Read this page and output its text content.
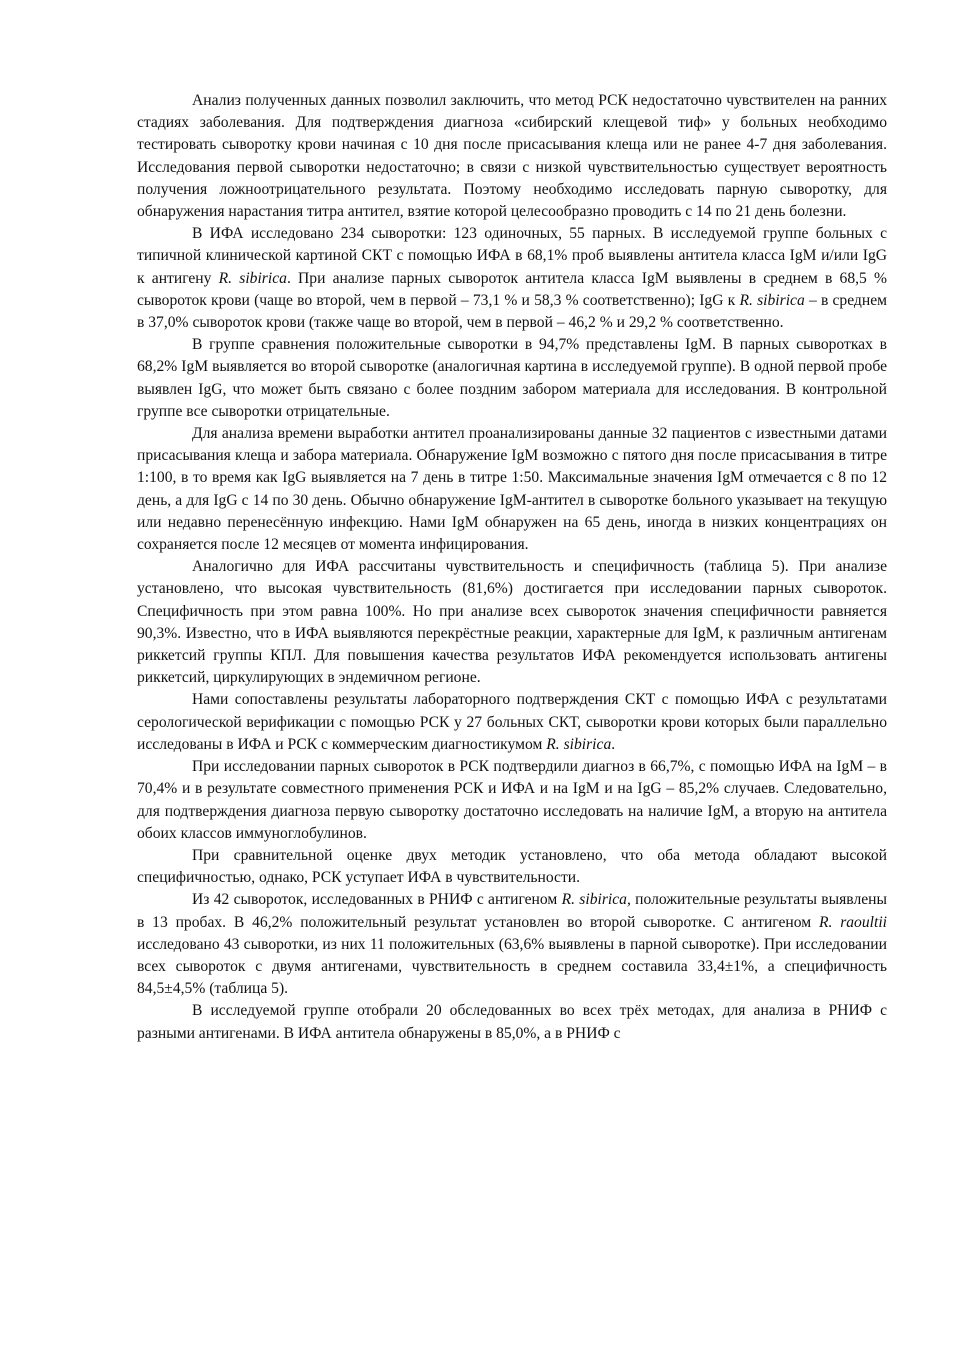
Анализ полученных данных позволил заключить, что метод РСК недостаточно чувствителен на ранних стадиях заболевания. Для подтверждения диагноза «сибирский клещевой тиф» у больных необходимо тестировать сыворотку крови начиная с 10 дня после присасывания клеща или не ранее 4-7 дня заболевания. Исследования первой сыворотки недостаточно; в связи с низкой чувствительностью существует вероятность получения ложноотрицательного результата. Поэтому необходимо исследовать парную сыворотку, для обнаружения нарастания титра антител, взятие которой целесообразно проводить с 14 по 21 день болезни.

В ИФА исследовано 234 сыворотки: 123 одиночных, 55 парных. В исследуемой группе больных с типичной клинической картиной СКТ с помощью ИФА в 68,1% проб выявлены антитела класса IgM и/или IgG к антигену R. sibirica. При анализе парных сывороток антитела класса IgM выявлены в среднем в 68,5 % сывороток крови (чаще во второй, чем в первой – 73,1 % и 58,3 % соответственно); IgG к R. sibirica – в среднем в 37,0% сывороток крови (также чаще во второй, чем в первой – 46,2 % и 29,2 % соответственно.

В группе сравнения положительные сыворотки в 94,7% представлены IgM. В парных сыворотках в 68,2% IgM выявляется во второй сыворотке (аналогичная картина в исследуемой группе). В одной первой пробе выявлен IgG, что может быть связано с более поздним забором материала для исследования. В контрольной группе все сыворотки отрицательные.

Для анализа времени выработки антител проанализированы данные 32 пациентов с известными датами присасывания клеща и забора материала. Обнаружение IgM возможно с пятого дня после присасывания в титре 1:100, в то время как IgG выявляется на 7 день в титре 1:50. Максимальные значения IgM отмечается с 8 по 12 день, а для IgG с 14 по 30 день. Обычно обнаружение IgM-антител в сыворотке больного указывает на текущую или недавно перенесённую инфекцию. Нами IgM обнаружен на 65 день, иногда в низких концентрациях он сохраняется после 12 месяцев от момента инфицирования.

Аналогично для ИФА рассчитаны чувствительность и специфичность (таблица 5). При анализе установлено, что высокая чувствительность (81,6%) достигается при исследовании парных сывороток. Специфичность при этом равна 100%. Но при анализе всех сывороток значения специфичности равняется 90,3%. Известно, что в ИФА выявляются перекрёстные реакции, характерные для IgM, к различным антигенам риккетсий группы КПЛ. Для повышения качества результатов ИФА рекомендуется использовать антигены риккетсий, циркулирующих в эндемичном регионе.

Нами сопоставлены результаты лабораторного подтверждения СКТ с помощью ИФА с результатами серологической верификации с помощью РСК у 27 больных СКТ, сыворотки крови которых были параллельно исследованы в ИФА и РСК с коммерческим диагностикумом R. sibirica.

При исследовании парных сывороток в РСК подтвердили диагноз в 66,7%, с помощью ИФА на IgM – в 70,4% и в результате совместного применения РСК и ИФА и на IgM и на IgG – 85,2% случаев. Следовательно, для подтверждения диагноза первую сыворотку достаточно исследовать на наличие IgM, а вторую на антитела обоих классов иммуноглобулинов.

При сравнительной оценке двух методик установлено, что оба метода обладают высокой специфичностью, однако, РСК уступает ИФА в чувствительности.

Из 42 сывороток, исследованных в РНИФ с антигеном R. sibirica, положительные результаты выявлены в 13 пробах. В 46,2% положительный результат установлен во второй сыворотке. С антигеном R. raoultii исследовано 43 сыворотки, из них 11 положительных (63,6% выявлены в парной сыворотке). При исследовании всех сывороток с двумя антигенами, чувствительность в среднем составила 33,4±1%, а специфичность 84,5±4,5% (таблица 5).

В исследуемой группе отобрали 20 обследованных во всех трёх методах, для анализа в РНИФ с разными антигенами. В ИФА антитела обнаружены в 85,0%, а в РНИФ с
